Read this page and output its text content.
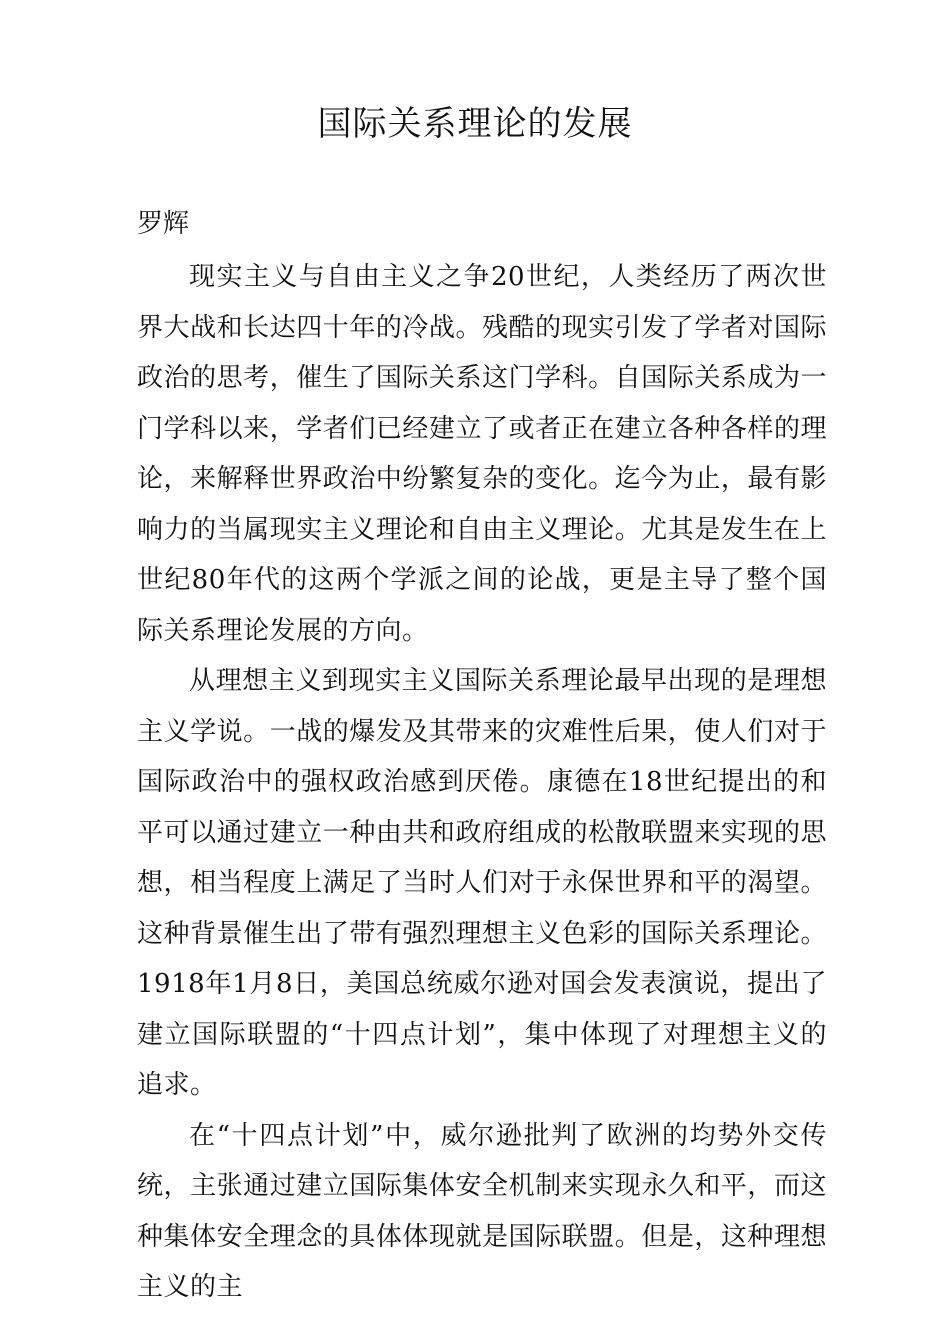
国际关系理论的发展

罗辉

现实主义与自由主义之争20世纪，人类经历了两次世界大战和长达四十年的冷战。残酷的现实引发了学者对国际政治的思考，催生了国际关系这门学科。自国际关系成为一门学科以来，学者们已经建立了或者正在建立各种各样的理论，来解释世界政治中纷繁复杂的变化。迄今为止，最有影响力的当属现实主义理论和自由主义理论。尤其是发生在上世纪80年代的这两个学派之间的论战，更是主导了整个国际关系理论发展的方向。

从理想主义到现实主义国际关系理论最早出现的是理想主义学说。一战的爆发及其带来的灾难性后果，使人们对于国际政治中的强权政治感到厌倦。康德在18世纪提出的和平可以通过建立一种由共和政府组成的松散联盟来实现的思想，相当程度上满足了当时人们对于永保世界和平的渴望。这种背景催生出了带有强烈理想主义色彩的国际关系理论。1918年1月8日，美国总统威尔逊对国会发表演说，提出了建立国际联盟的“十四点计划”，集中体现了对理想主义的追求。

在“十四点计划”中，威尔逊批判了欧洲的均势外交传统，主张通过建立国际集体安全机制来实现永久和平，而这种集体安全理念的具体体现就是国际联盟。但是，这种理想主义的主
